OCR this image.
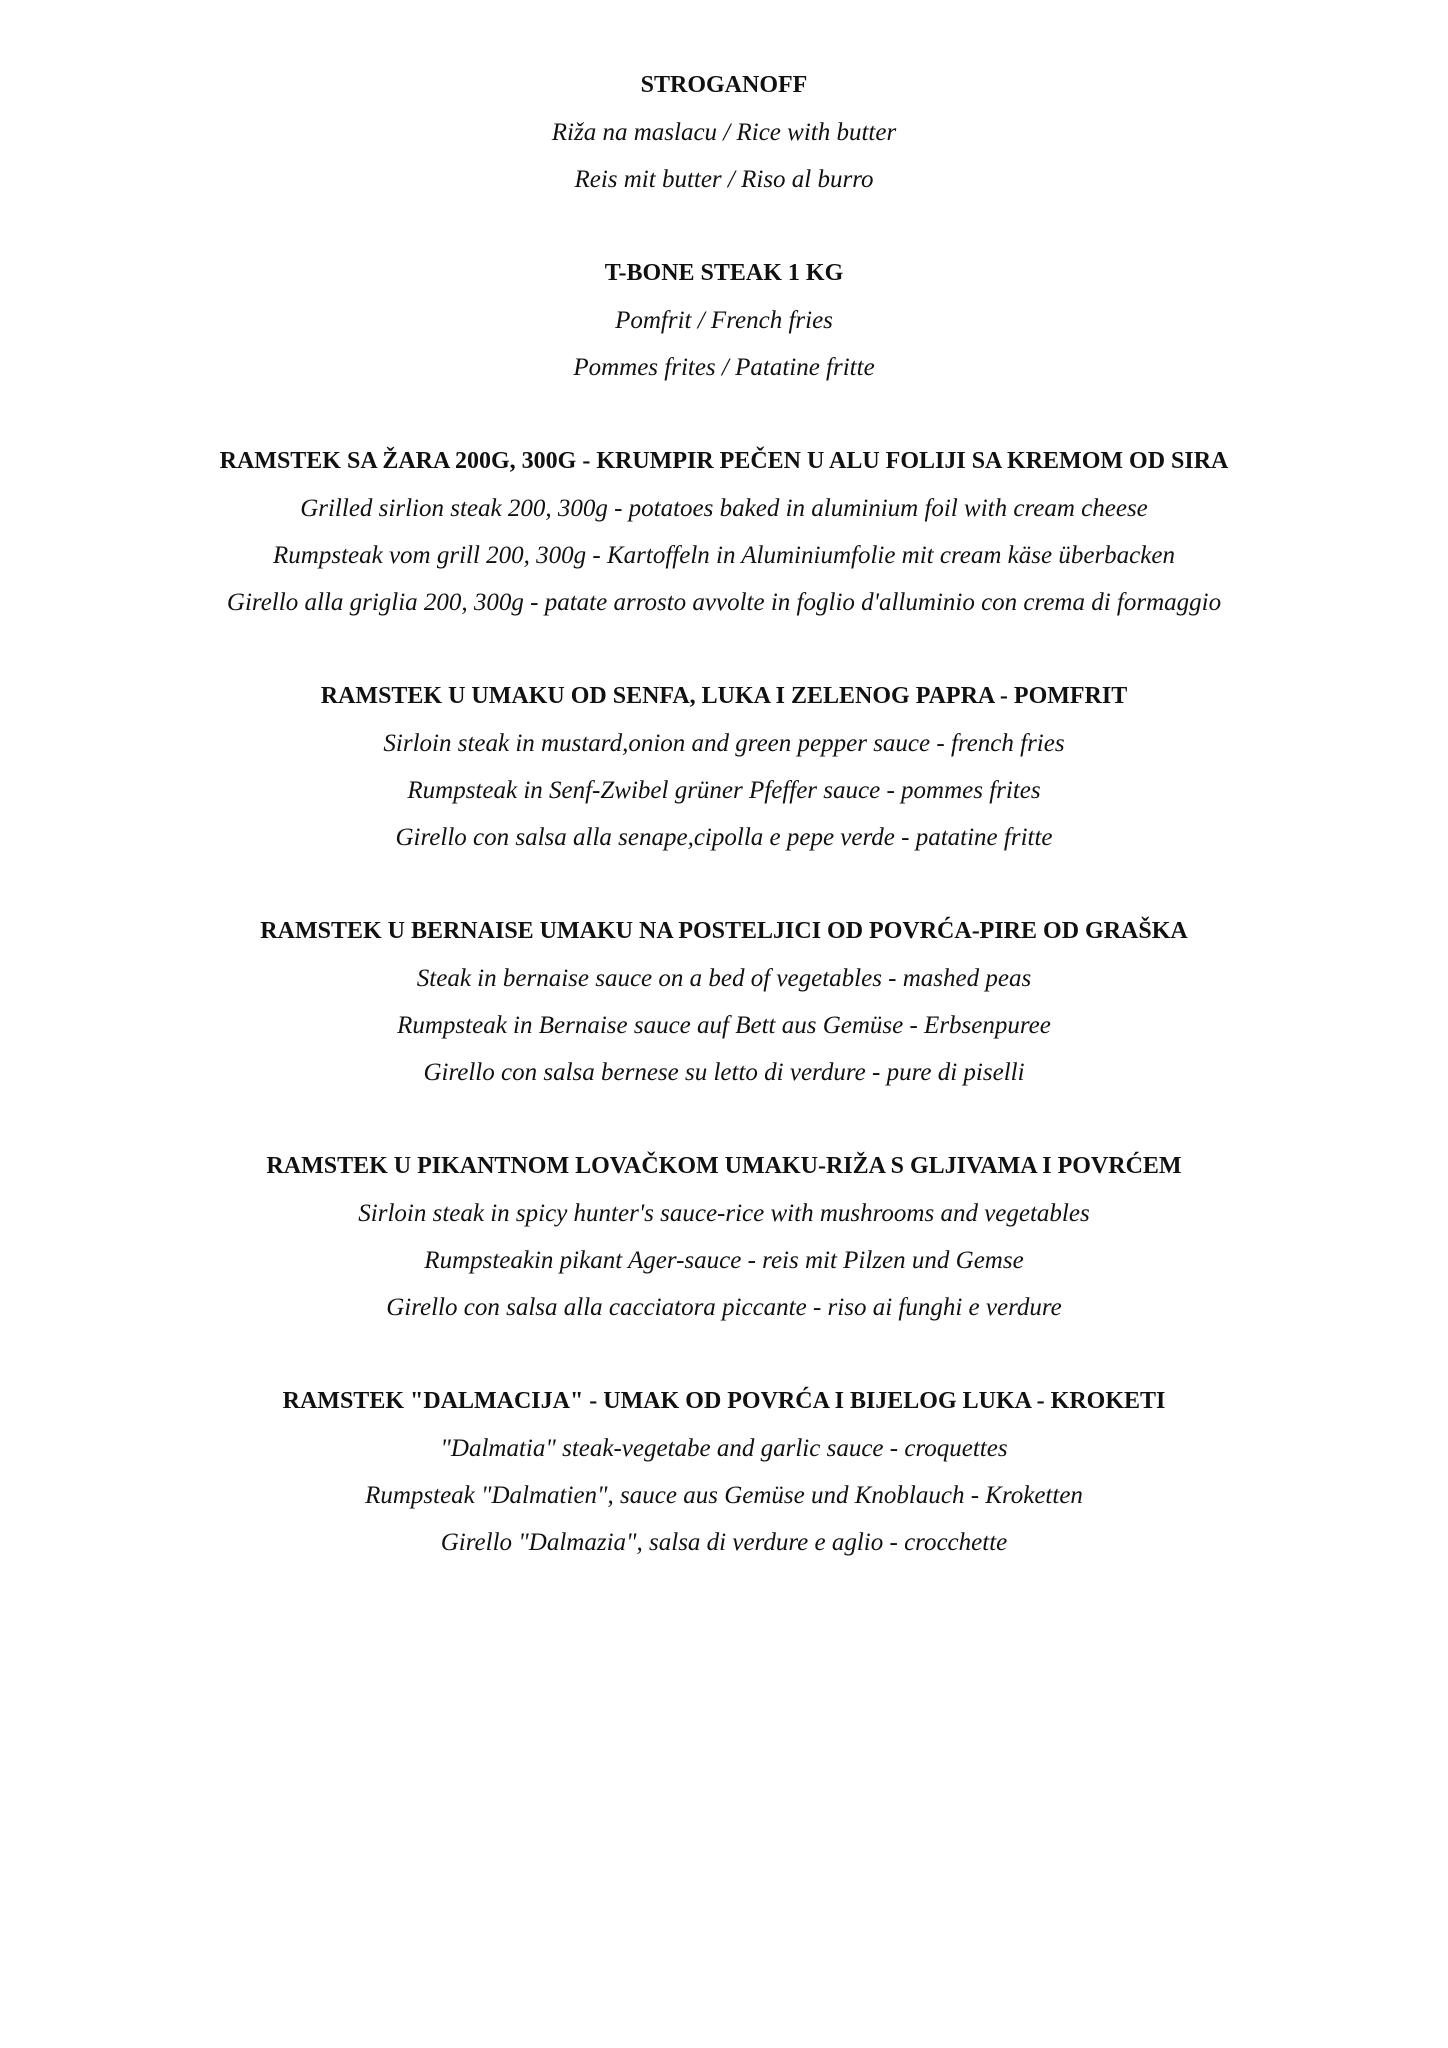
STROGANOFF
Riža na maslacu / Rice with butter
Reis mit butter / Riso al burro
T-BONE STEAK 1 KG
Pomfrit / French fries
Pommes frites / Patatine fritte
RAMSTEK SA ŽARA 200G, 300G - KRUMPIR PEČEN U ALU FOLIJI SA KREMOM OD SIRA
Grilled sirlion steak 200, 300g - potatoes baked in aluminium foil with cream cheese
Rumpsteak vom grill 200, 300g - Kartoffeln in Aluminiumfolie mit cream käse überbacken
Girello alla griglia 200, 300g - patate arrosto avvolte in foglio d'alluminio con crema di formaggio
RAMSTEK U UMAKU OD SENFA, LUKA I ZELENOG PAPRA - POMFRIT
Sirloin steak in mustard,onion and green pepper sauce - french fries
Rumpsteak in Senf-Zwibel grüner Pfeffer sauce - pommes frites
Girello con salsa alla senape,cipolla e pepe verde - patatine fritte
RAMSTEK U BERNAISE UMAKU NA POSTELJICI OD POVRĆA-PIRE OD GRAŠKA
Steak in bernaise sauce on a bed of vegetables - mashed peas
Rumpsteak in Bernaise sauce auf Bett aus Gemüse - Erbsenpuree
Girello con salsa bernese su letto di verdure - pure di piselli
RAMSTEK U PIKANTNOM LOVAČKOM UMAKU-RIŽA S GLJIVAMA I POVRĆEM
Sirloin steak in spicy hunter's sauce-rice with mushrooms and vegetables
Rumpsteakin pikant Ager-sauce - reis mit Pilzen und Gemse
Girello con salsa alla cacciatora piccante - riso ai funghi e verdure
RAMSTEK "DALMACIJA" - UMAK OD POVRĆA I BIJELOG LUKA - KROKETI
"Dalmatia" steak-vegetabe and garlic sauce - croquettes
Rumpsteak "Dalmatien", sauce aus Gemüse und Knoblauch - Kroketten
Girello "Dalmazia", salsa di verdure e aglio - crocchette
